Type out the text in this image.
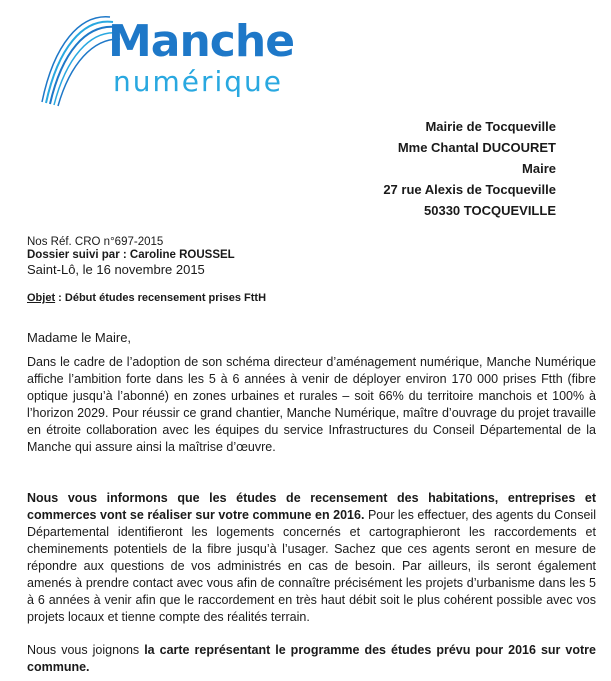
Manche
numérique
Mairie de Tocqueville
Mme Chantal DUCOURET
Maire
27 rue Alexis de Tocqueville
50330 TOCQUEVILLE
Nos Réf. CRO n°697-2015
Dossier suivi par : Caroline ROUSSEL
Saint-Lô, le 16 novembre 2015
Objet : Début études recensement prises FttH
Madame le Maire,

Dans le cadre de l’adoption de son schéma directeur d’aménagement numérique, Manche Numérique affiche l’ambition forte dans les 5 à 6 années à venir de déployer environ 170 000 prises Ftth (fibre optique jusqu’à l’abonné) en zones urbaines et rurales – soit 66% du territoire manchois et 100% à l’horizon 2029. Pour réussir ce grand chantier, Manche Numérique, maître d’ouvrage du projet travaille en étroite collaboration avec les équipes du service Infrastructures du Conseil Départemental de la Manche qui assure ainsi la maîtrise d’œuvre.

Nous vous informons que les études de recensement des habitations, entreprises et commerces vont se réaliser sur votre commune en 2016. Pour les effectuer, des agents du Conseil Départemental identifieront les logements concernés et cartographieront les raccordements et cheminements potentiels de la fibre jusqu’à l’usager. Sachez que ces agents seront en mesure de répondre aux questions de vos administrés en cas de besoin. Par ailleurs, ils seront également amenés à prendre contact avec vous afin de connaître précisément les projets d’urbanisme dans les 5 à 6 années à venir afin que le raccordement en très haut débit soit le plus cohérent possible avec vos projets locaux et tienne compte des réalités terrain.

Nous vous joignons la carte représentant le programme des études prévu pour 2016 sur votre commune.
